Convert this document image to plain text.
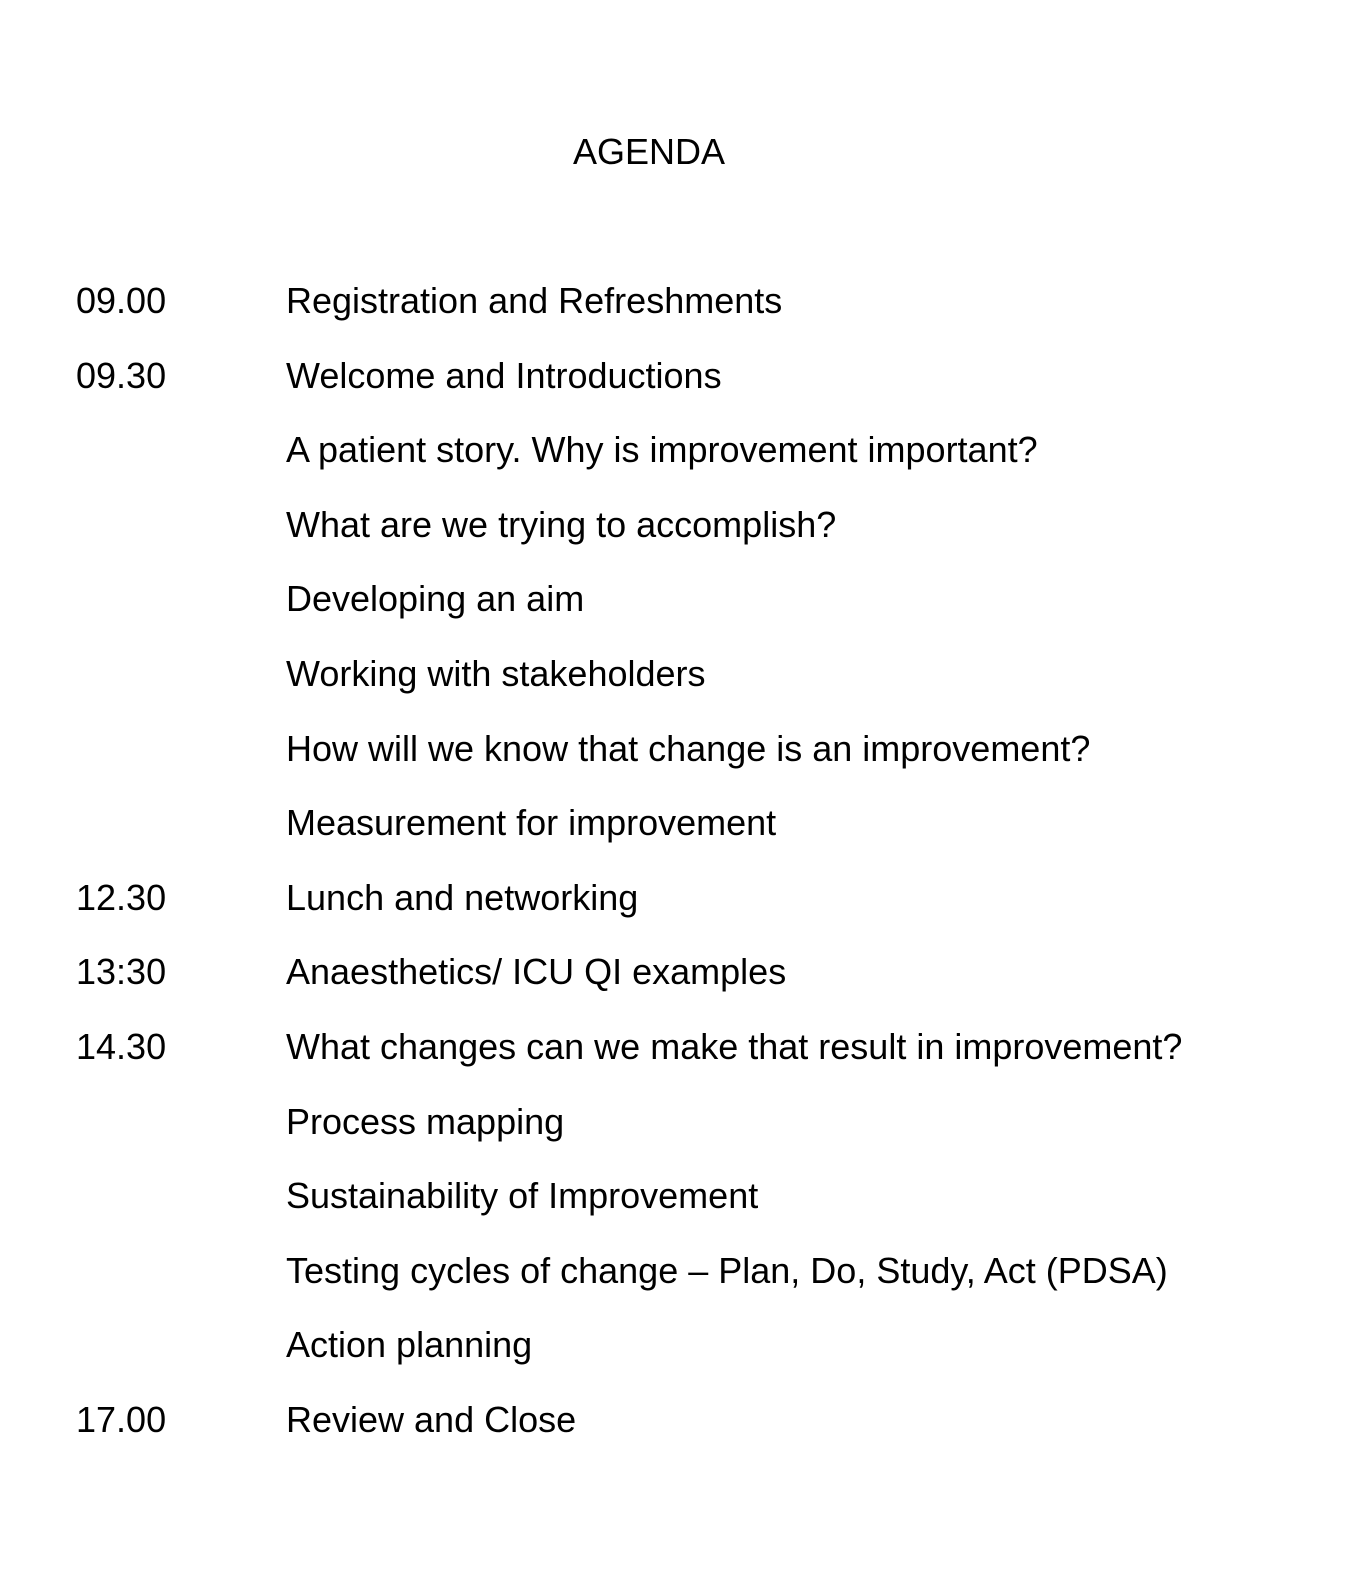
AGENDA
09.00	Registration and Refreshments
09.30	Welcome and Introductions
A patient story. Why is improvement important?
What are we trying to accomplish?
Developing an aim
Working with stakeholders
How will we know that change is an improvement?
Measurement for improvement
12.30	Lunch and networking
13:30	Anaesthetics/ ICU QI examples
14.30	What changes can we make that result in improvement?
Process mapping
Sustainability of Improvement
Testing cycles of change – Plan, Do, Study, Act (PDSA)
Action planning
17.00	Review and Close
